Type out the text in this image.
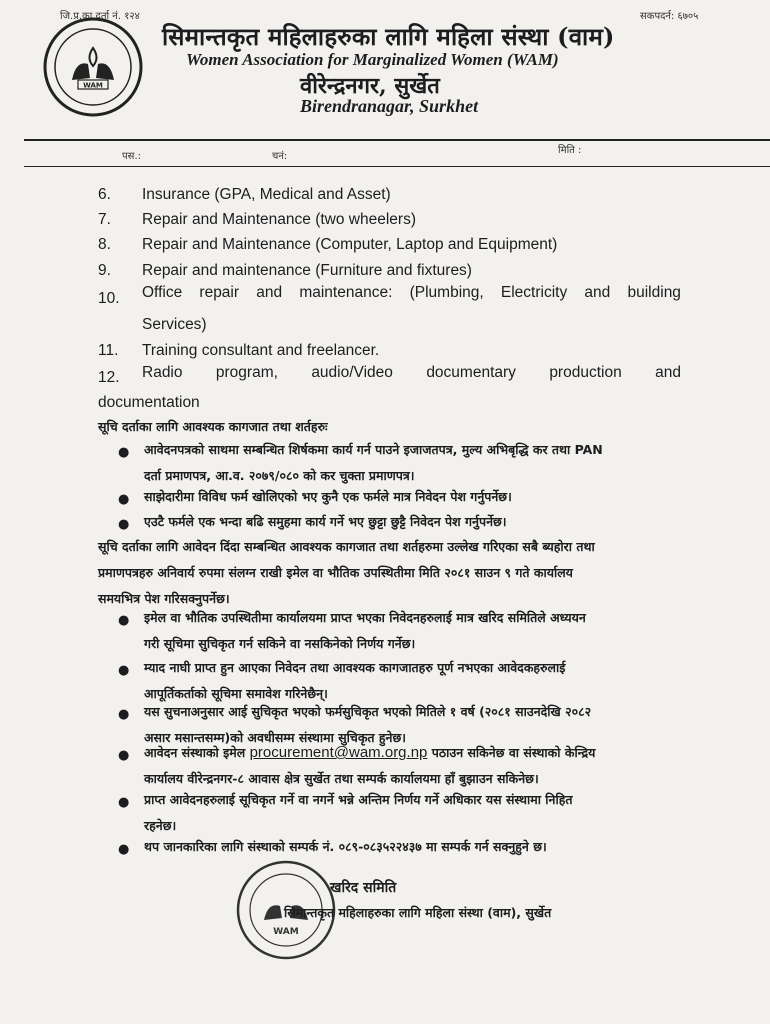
जि.प्र.का.दर्ता नं. १२४	सकपदर्न: ६७०५
WAM
सिमान्तकृत महिलाहरुका लागि महिला संस्था (वाम)
Women Association for Marginalized Women (WAM)
वीरेन्द्रनगर, सुर्खेत
Birendranagar, Surkhet
पस.:	चनं:
मिति :
6. Insurance (GPA, Medical and Asset)
7. Repair and Maintenance (two wheelers)
8. Repair and Maintenance (Computer, Laptop and Equipment)
9. Repair and maintenance (Furniture and fixtures)
10. Office repair and maintenance: (Plumbing, Electricity and building
Services)
11. Training consultant and freelancer.
12. Radio program, audio/Video documentary production and
documentation
सूचि दर्ताका लागि आवश्यक कागजात तथा शर्तहरुः
● आवेदनपत्रको साथमा सम्बन्धित शिर्षकमा कार्य गर्न पाउने इजाजतपत्र, मुल्य अभिबृद्धि कर तथा PAN
दर्ता प्रमाणपत्र, आ.व. २०७९/०८० को कर चुक्ता प्रमाणपत्र।
● साझेदारीमा विविध फर्म खोलिएको भए कुनै एक फर्मले मात्र निवेदन पेश गर्नुपर्नेछ।
● एउटै फर्मले एक भन्दा बढि समुहमा कार्य गर्ने भए छुट्टा छुट्टै निवेदन पेश गर्नुपर्नेछ।
सूचि दर्ताका लागि आवेदन दिंदा सम्बन्धित आवश्यक कागजात तथा शर्तहरुमा उल्लेख गरिएका सबै ब्यहोरा तथा
प्रमाणपत्रहरु अनिवार्य रुपमा संलग्न राखी इमेल वा भौतिक उपस्थितीमा मिति २०८१ साउन ९ गते कार्यालय
समयभित्र पेश गरिसक्नुपर्नेछ।
● इमेल वा भौतिक उपस्थितीमा कार्यालयमा प्राप्त भएका निवेदनहरुलाई मात्र खरिद समितिले अध्ययन
गरी सूचिमा सुचिकृत गर्न सकिने वा नसकिनेको निर्णय गर्नेछ।
● म्याद नाघी प्राप्त हुन आएका निवेदन तथा आवश्यक कागजातहरु पूर्ण नभएका आवेदकहरुलाई
आपूर्तिकर्ताको सूचिमा समावेश गरिनेछैन्।
● यस सुचनाअनुसार आई सुचिकृत भएको फर्मसुचिकृत भएको मितिले १ वर्ष (२०८१ साउनदेखि २०८२
असार मसान्तसम्म)को अवधीसम्म संस्थामा सुचिकृत हुनेछ।
● आवेदन संस्थाको इमेल procurement@wam.org.np पठाउन सकिनेछ वा संस्थाको केन्द्रिय
कार्यालय वीरेन्द्रनगर-८ आवास क्षेत्र सुर्खेत तथा सम्पर्क कार्यालयमा हाँ बुझाउन सकिनेछ।
● प्राप्त आवेदनहरुलाई सूचिकृत गर्ने वा नगर्ने भन्ने अन्तिम निर्णय गर्ने अधिकार यस संस्थामा निहित
रहनेछ।
● थप जानकारिका लागि संस्थाको सम्पर्क नं. ०८९-०८३५२२४३७ मा सम्पर्क गर्न सक्नुहुने छ।
WAM
खरिद समिति
सिमान्तकृत महिलाहरुका लागि महिला संस्था (वाम), सुर्खेत
